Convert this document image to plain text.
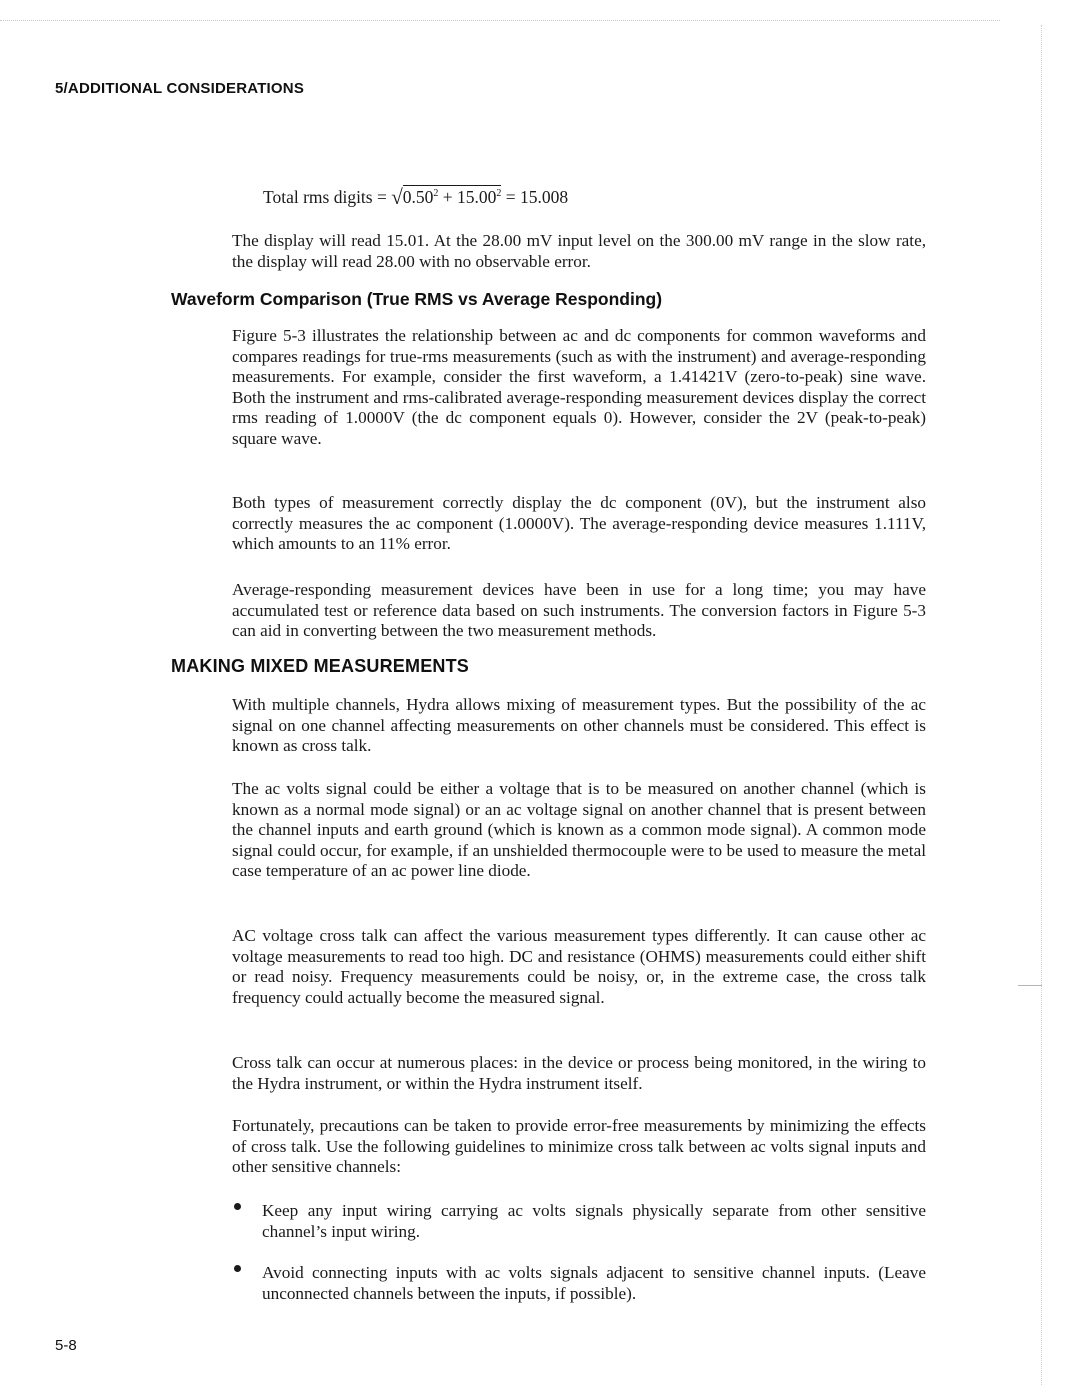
5/ADDITIONAL CONSIDERATIONS
Total rms digits = $√0.50^2 + 15.00^2 = 15.008$

The display will read 15.01. At the 28.00 mV input level on the 300.00 mV range in the slow rate, the display will read 28.00 with no observable error.

Waveform Comparison (True RMS vs Average Responding)

Figure 5-3 illustrates the relationship between ac and dc components for common waveforms and compares readings for true-rms measurements (such as with the instrument) and average-responding measurements. For example, consider the first waveform, a 1.41421V (zero-to-peak) sine wave. Both the instrument and rms-calibrated average-responding measurement devices display the correct rms reading of 1.0000V (the dc component equals 0). However, consider the 2V (peak-to-peak) square wave.

Both types of measurement correctly display the dc component (0V), but the instrument also correctly measures the ac component (1.0000V). The average-responding device measures 1.111V, which amounts to an 11% error.

Average-responding measurement devices have been in use for a long time; you may have accumulated test or reference data based on such instruments. The conversion factors in Figure 5-3 can aid in converting between the two measurement methods.

MAKING MIXED MEASUREMENTS

With multiple channels, Hydra allows mixing of measurement types. But the possibility of the ac signal on one channel affecting measurements on other channels must be considered. This effect is known as cross talk.

The ac volts signal could be either a voltage that is to be measured on another channel (which is known as a normal mode signal) or an ac voltage signal on another channel that is present between the channel inputs and earth ground (which is known as a common mode signal). A common mode signal could occur, for example, if an unshielded thermocouple were to be used to measure the metal case temperature of an ac power line diode.

AC voltage cross talk can affect the various measurement types differently. It can cause other ac voltage measurements to read too high. DC and resistance (OHMS) measurements could either shift or read noisy. Frequency measurements could be noisy, or, in the extreme case, the cross talk frequency could actually become the measured signal.

Cross talk can occur at numerous places: in the device or process being monitored, in the wiring to the Hydra instrument, or within the Hydra instrument itself.

Fortunately, precautions can be taken to provide error-free measurements by minimizing the effects of cross talk. Use the following guidelines to minimize cross talk between ac volts signal inputs and other sensitive channels:

Keep any input wiring carrying ac volts signals physically separate from other sensitive channel’s input wiring.

Avoid connecting inputs with ac volts signals adjacent to sensitive channel inputs. (Leave unconnected channels between the inputs, if possible).

5-8
